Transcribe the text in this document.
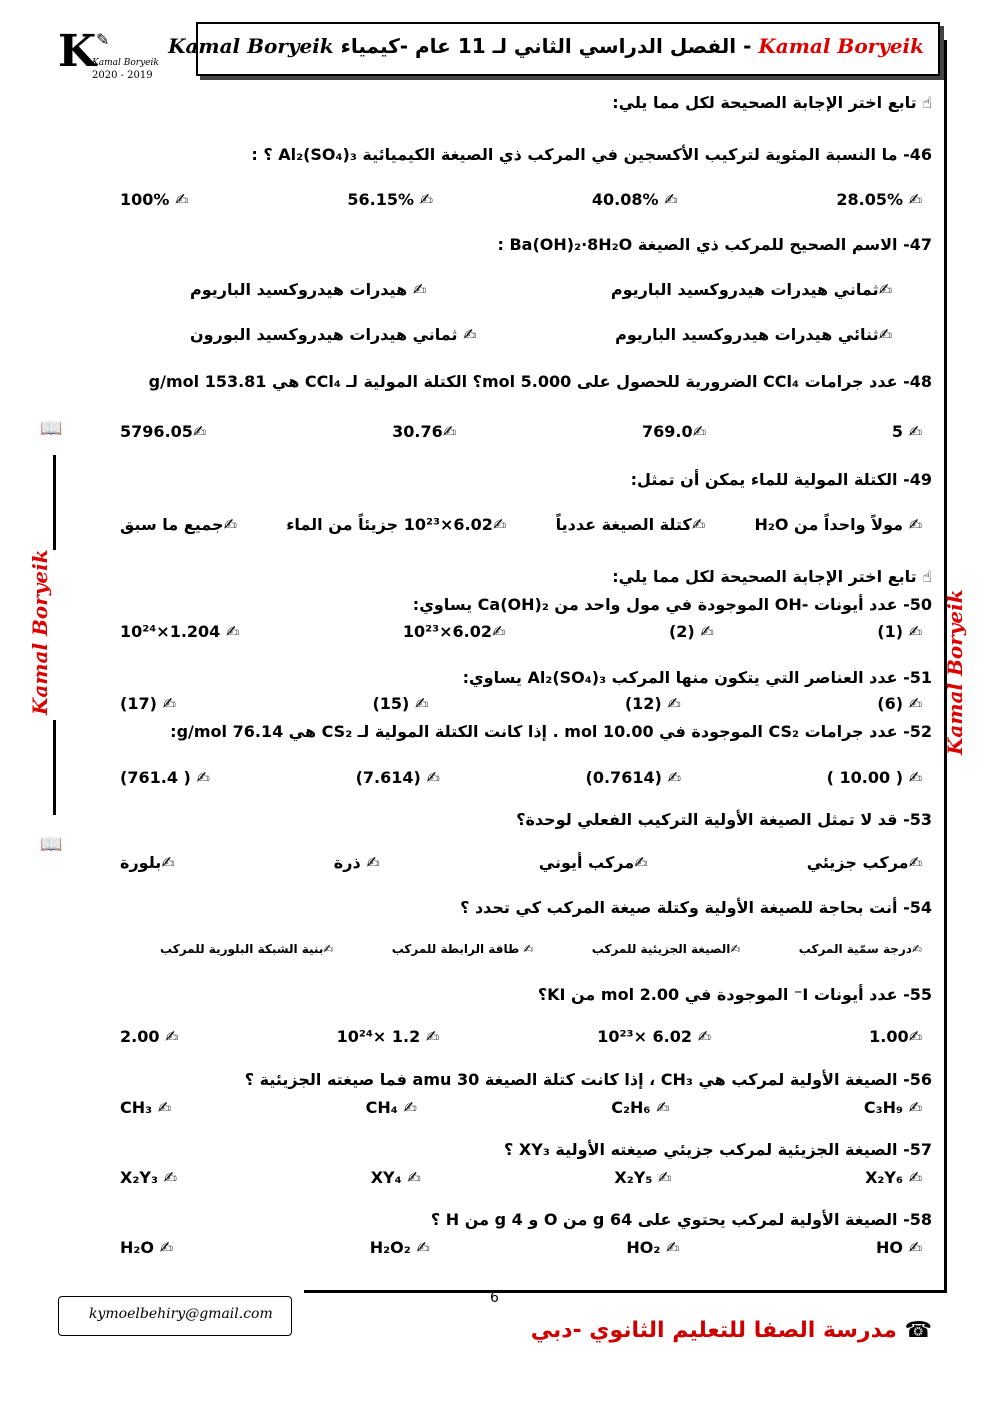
Kamal Boryeik - الفصل الدراسي الثاني لـ 11 عام -كيمياء Kamal Boryeik
K ✎
Kamal Boryeik
2020 - 2019
📖
📖
Kamal Boryeik	Kamal Boryeik
☝ تابع اختر الإجابة الصحيحة لكل مما يلي:
46- ما النسبة المئوية لتركيب الأكسجين في المركب ذي الصيغة الكيميائية Al₂(SO₄)₃ ؟ :
✍ 28.05%
✍ 40.08%
✍ 56.15%
✍ 100%
47- الاسم الصحيح للمركب ذي الصيغة Ba(OH)₂·8H₂O :
✍ثماني هيدرات هيدروكسيد الباريوم
✍ هيدرات هيدروكسيد الباريوم
✍ثنائي هيدرات هيدروكسيد الباريوم
✍ ثماني هيدرات هيدروكسيد البورون
48- عدد جرامات CCl₄ الضرورية للحصول على 5.000 mol؟ الكتلة المولية لـ CCl₄ هي 153.81 g/mol
✍ 5
✍769.0
✍30.76
✍5796.05
49- الكتلة المولية للماء يمكن أن تمثل:
✍ مولاً واحداً من H₂O
✍كتلة الصيغة عددياً
✍6.02×10²³ جزيئاً من الماء
✍جميع ما سبق
☝ تابع اختر الإجابة الصحيحة لكل مما يلي:
50- عدد أيونات -OH الموجودة في مول واحد من Ca(OH)₂ يساوي:
✍ (1)
✍ (2)
✍6.02×10²³
✍ 1.204×10²⁴
51- عدد العناصر التي يتكون منها المركب Al₂(SO₄)₃ يساوي:
✍ (6)
✍ (12)
✍ (15)
✍ (17)
52- عدد جرامات CS₂ الموجودة في 10.00 mol . إذا كانت الكتلة المولية لـ CS₂ هي 76.14 g/mol:
✍ ( 10.00 )
✍ (0.7614)
✍ (7.614)
✍ ( 761.4)
53- قد لا تمثل الصيغة الأولية التركيب الفعلي لوحدة؟
✍مركب جزيئي
✍مركب أيوني
✍ ذرة
✍بلورة
54- أنت بحاجة للصيغة الأولية وكتلة صيغة المركب كي تحدد ؟
✍درجة سمّية المركب
✍الصيغة الجزيئية للمركب
✍ طاقة الرابطة للمركب
✍بنية الشبكة البلورية للمركب
55- عدد أيونات I⁻ الموجودة في 2.00 mol من KI؟
✍1.00
✍ 6.02 ×10²³
✍ 1.2 ×10²⁴
✍ 2.00
56- الصيغة الأولية لمركب هي CH₃ ، إذا كانت كتلة الصيغة 30 amu فما صيغته الجزيئية ؟
✍ C₃H₉
✍ C₂H₆
✍ CH₄
✍ CH₃
57- الصيغة الجزيئية لمركب جزيئي صيغته الأولية XY₃ ؟
✍ X₂Y₆
✍ X₂Y₅
✍ XY₄
✍ X₂Y₃
58- الصيغة الأولية لمركب يحتوي على 64 g من O و 4 g من H ؟
✍ HO
✍ HO₂
✍ H₂O₂
✍ H₂O
6
kymoelbehiry@gmail.com
☎ مدرسة الصفا للتعليم الثانوي -دبي
